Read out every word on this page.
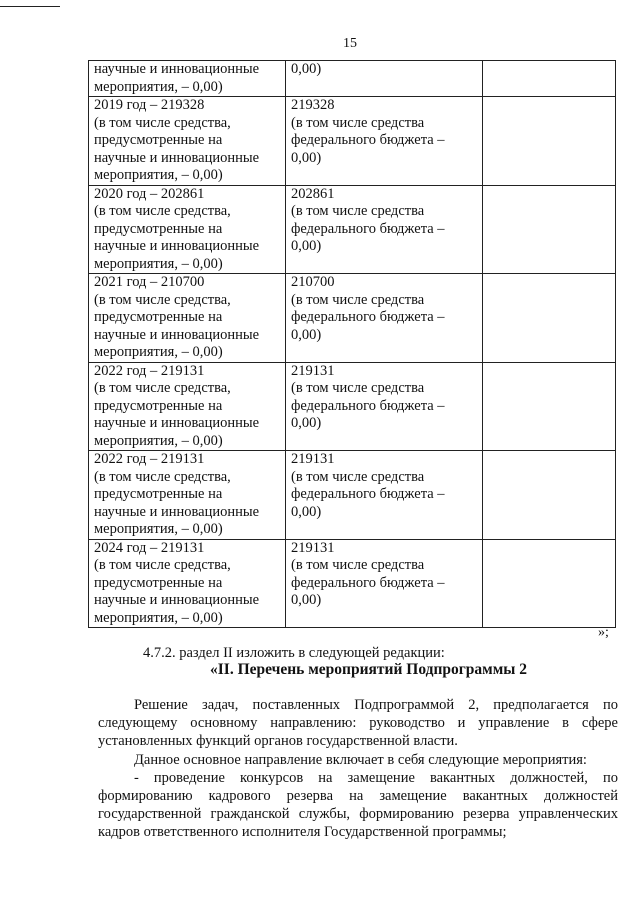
15
научные и инновационные
мероприятия, – 0,00)	0,00)	

2019 год – 219328
(в том числе средства,
предусмотренные на
научные и инновационные
мероприятия, – 0,00)	219328
(в том числе средства
федерального бюджета –
0,00)	

2020 год – 202861
(в том числе средства,
предусмотренные на
научные и инновационные
мероприятия, – 0,00)	202861
(в том числе средства
федерального бюджета –
0,00)	

2021 год – 210700
(в том числе средства,
предусмотренные на
научные и инновационные
мероприятия, – 0,00)	210700
(в том числе средства
федерального бюджета –
0,00)	

2022 год – 219131
(в том числе средства,
предусмотренные на
научные и инновационные
мероприятия, – 0,00)	219131
(в том числе средства
федерального бюджета –
0,00)	

2022 год – 219131
(в том числе средства,
предусмотренные на
научные и инновационные
мероприятия, – 0,00)	219131
(в том числе средства
федерального бюджета –
0,00)	

2024 год – 219131
(в том числе средства,
предусмотренные на
научные и инновационные
мероприятия, – 0,00)	219131
(в том числе средства
федерального бюджета –
0,00)	

»;

4.7.2. раздел II изложить в следующей редакции:

«II. Перечень мероприятий Подпрограммы 2

Решение задач, поставленных Подпрограммой 2, предполагается по
следующему основному направлению: руководство и управление в сфере
установленных функций органов государственной власти.
Данное основное направление включает в себя следующие мероприятия:
- проведение конкурсов на замещение вакантных должностей, по
формированию кадрового резерва на замещение вакантных должностей
государственной гражданской службы, формированию резерва управленческих
кадров ответственного исполнителя Государственной программы;
